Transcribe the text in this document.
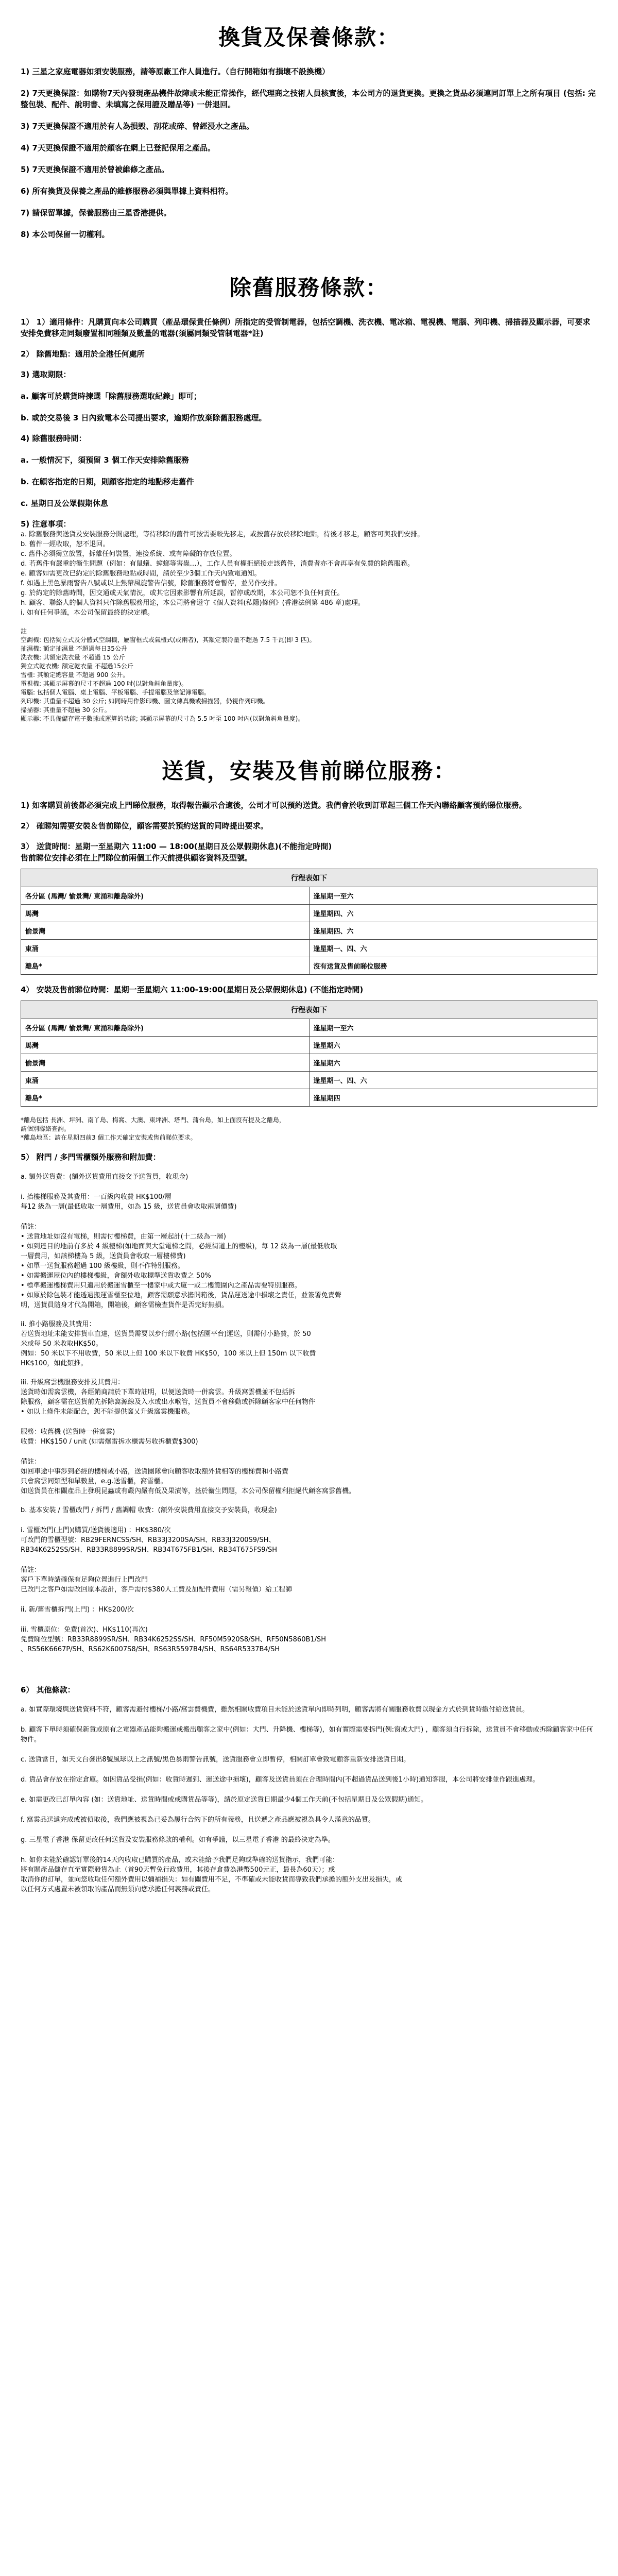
換貨及保養條款：

1) 三星之家庭電器如須安裝服務，請等原廠工作人員進行。（自行開箱如有損壞不設換機）

2) 7天更換保證：如購物7天內發現產品機件故障或未能正常操作，經代理商之技術人員核實後，本公司方的退貨更換。更換之貨品必須連同訂單上之所有項目 (包括: 完整包裝、配件、說明書、未填寫之保用證及贈品等) 一併退回。

3) 7天更換保證不適用於有人為損毁、刮花或碎、曾經浸水之產品。

4) 7天更換保證不適用於顧客在網上已登記保用之產品。

5) 7天更換保證不適用於曾被維修之產品。

6) 所有換貨及保養之產品的維修服務必須與單據上資料相符。

7) 請保留單據，保養服務由三星香港提供。

8) 本公司保留一切權利。

除舊服務條款：

1） 1）適用條件：凡購買向本公司購買（產品環保貴任條例）所指定的受管制電器，包括空調機、洗衣機、電冰箱、電視機、電腦、列印機、掃描器及顯示器，可要求安排免費移走同類廢置相同種類及數量的電器(須屬同類受管制電器*註)

2） 除舊地點：適用於全港任何處所

3) 選取期限：
a. 顧客可於購貨時揀選「除舊服務選取紀錄」即可；
b. 或於交易後 3 日內致電本公司提出要求，逾期作放棄除舊服務處理。
4) 除舊服務時間：
a. 一般情況下，須預留 3 個工作天安排除舊服務
b. 在顧客指定的日期，則顧客指定的地點移走舊件
c. 星期日及公眾假期休息
5) 注意事項：
a. 除舊服務與送貨及安裝服務分開處理，等待移除的舊件可按需要較先移走，或按舊存放於移除地點，待後才移走，顧客可與我們安排。
b. 舊件一經收取，恕不退回。
c. 舊件必須獨立放置，拆離任何裝置，連接系統、或有障礙的存放位置。
d. 若舊件有嚴重的衞生問題（例如：有鼠蟻、蟑螂等害蟲…），工作人員有權拒絕接走該舊件，消費者亦不會再享有免費的除舊服務。
e. 顧客如需更改已約定的除舊服務地點或時間，請於至少3個工作天內致電通知。
f. 如遇上黑色暴雨警告八號或以上熱帶風旋警告信號，除舊服務將會暫停，並另作安排。
g. 於約定的除舊時間，因交通或天氣情況，或其它因素影響有所延誤，暫停或改期，本公司恕不負任何責任。
h. 顧客、聯絡人的個人資料只作除舊服務用途，本公司將會遵守《個人資料(私隱)條例》(香港法例第 486 章)處理。
i. 如有任何爭議，本公司保留最終的決定權。
註
空調機: 包括獨立式及分體式空調機，屬窗框式或氣櫃式(或兩者)，其額定製冷量不超過 7.5 千瓦(即 3 匹)。
抽濕機: 額定抽濕量 不超過每日35公升
洗衣機: 其額定洗衣量 不超過 15 公斤
獨立式乾衣機: 額定乾衣量 不超過15公斤
雪櫃: 其額定總容量 不超過 900 公升。
電視機: 其顯示屏幕的尺寸不超過 100 吋(以對角斜角量度)。
電腦: 包括個人電腦、桌上電腦、平板電腦、手提電腦及筆記簿電腦。
列印機: 其重量不超過 30 公斤; 如同時用作影印機、圖文傳真機或掃描器，仍視作列印機。
掃描器: 其重量不超過 30 公斤。
顯示器: 不具備儲存電子數據或運算的功能; 其顯示屏幕的尺寸為 5.5 吋至 100 吋內(以對角斜角量度)。
送貨，安裝及售前睇位服務：

1) 如客購買前後都必須完成上門睇位服務，取得報告顯示合適後，公司才可以預約送貨。我們會於收到訂單起三個工作天內聯絡顧客預約睇位服務。

2） 確睇知需要安裝＆售前睇位，顧客需要於預約送貨的同時提出要求。

3） 送貨時間：星期一至星期六 11:00 — 18:00(星期日及公眾假期休息)(不能指定時間)

售前睇位安排必須在上門睇位前兩個工作天前提供顧客資料及型號。

行程表如下	
各分區 (馬灣/ 愉景灣/ 東涌和離島除外)	逢星期一至六
馬灣	逢星期四、六
愉景灣	逢星期四、六
東涌	逢星期一、四、六
離島*	沒有送貨及售前睇位服務

4） 安裝及售前睇位時間：星期一至星期六 11:00-19:00(星期日及公眾假期休息) (不能指定時間)

行程表如下	
各分區 (馬灣/ 愉景灣/ 東涌和離島除外)	逢星期一至六
馬灣	逢星期六
愉景灣	逢星期六
東涌	逢星期一、四、六
離島*	逢星期四
*離島包括 長洲、坪洲、南丫島、梅窩、大澳、東坪洲、塔門、蒲台島，如上面沒有提及之離島，
請個別聯絡查詢。
*離島地區：請在星期四前3 個工作天確定安裝或售前睇位要求。

5） 附門 / 多門雪櫃額外服務和附加費：

a. 額外送貨費：(額外送貨費用直接交予送貨員，收現金)
i. 抬樓梯服務及其費用：一百級內收費 HK$100/層
每12 級為一層(最低收取一層費用，如為 15 級，送貨員會收取兩層價費)
備註：
• 送貨地址如沒有電梯，則需付樓梯費，由第一層起計(十二級為一層)
• 如到達目的地前有多於 4 級樓梯(如地面與大堂電梯之間，必經街道上的樓級)，每 12 級為一層(最低收取
一層費用，如該梯樓為 5 級，送貨員會收取一層樓梯費)
• 如單一送貨服務超過 100 級樓級，則不作特別服務。
• 如需搬運屋位內的樓梯樓級，會額外收取標準送貨收費之 50%
• 標準搬運樓梯費用只適用於搬運雪櫃至一樓家中或大廈一或二樓範圍內之產品需要特別服務。
• 如原於除包裝才能透過搬運雪櫃至位地，顧客需願意承擔開箱後，貨品運送途中損壞之責任，並簽署免責聲
明，送貨員隨身才代為開箱，開箱後，顧客需檢查貨件是否完好無損。
ii. 推小路服務及其費用：
若送貨地址未能安排貨車直達，送貨員需要以步行經小路(包括園平台)運送，則需付小路費，於 50
米或每 50 米收取HK$50。
例如：50 米以下不用收費，50 米以上但 100 米以下收費 HK$50，100 米以上但 150m 以下收費
HK$100，如此類推。
iii. 升級窩雲機服務安排及其費用：
送貨時如需窩雲機，各經銷商請於下單時註明，以便送貨時一併窩雲。升級窩雲機並不包括拆
除服務，顧客需在送貨前先拆除窩源線及入水或出水喉管，送貨員不會移動或拆除顧客家中任何物件
• 如以上條件未能配合，恕不能提供窩乂升級窩雲機服務。
服務：收舊機 (送貨時一併窩雲)
收費：HK$150 / unit (如需爆雷拆水櫃需另收拆櫃費$300)
備註：
如回車途中事涉到必經的樓梯或小路，送貨團隊會向顧客收取額外貨相等的樓梯費和小路費
只會窩雲同類型和單數量，e.g.送雪櫃，窩雪櫃。
如送貨員在相關產品上發現昆蟲或有嚴內嚴有低及果漬等，基於衞生問題，本公司保留權利拒絕代顧客窩雲舊機。
b. 基本安裝 / 雪櫃改門 / 拆門 / 舊調帽 收費：(額外安裝費用直接交予安裝員，收現金)
i. 雪櫃改門(上門)(購買/送貨後適用) ：HK$380/次
可改門的雪櫃型號：RB29FERNCSS/SH、RB33J3200SA/SH、RB33J3200S9/SH、
RB34K6252SS/SH、RB33R8899SR/SH、RB34T675FB1/SH、RB34T675FS9/SH
備註：
客戶下單時請確保有足夠位置進行上門改門
已改門之客戶如需改回原本設計，客戶需付$380人工費及加配件費用（需另報價）給工程師
ii. 新/舊雪櫃拆門(上門) ：HK$200/次
iii. 雪櫃原位：免費(首次)、HK$110(再次)
免費睇位型號：RB33R8899SR/SH、RB34K6252SS/SH、RF50M5920S8/SH、RF50N5860B1/SH
、RS56K6667P/SH、RS62K6007S8/SH、RS63R5597B4/SH、RS64R5337B4/SH

6） 其他條款：

a. 如實際環境與送貨資料不符，顧客需避付樓梯/小路/窩雲費機費，雖然相關收費項目未能於送貨單內即時列明，顧客需將有關服務收費以現金方式於到貨時繳付給送貨員。
b. 顧客下單時須確保新貨或原有之電器產品能夠搬運或搬出顧客之家中(例如：大門、升降機、樓梯等)，如有實際需要拆門(例:窗或大門) ，顧客須自行拆除，送貨員不會移動或拆除顧客家中任何物件。
c. 送貨當日，如天文台發出8號風球以上之訊號/黑色暴雨警告訊號，送貨服務會立即暫停，相關訂單會致電顧客重新安排送貨日期。
d. 貨品會存放在指定倉庫。如因貨品受損(例如：收貨時遲到、運送途中損壞)，顧客及送貨員須在合理時間內(不超過貨品送到後1小時)通知客服，本公司將安排並作跟進處理。
e. 如需更改已訂單內容 (如：送貨地址、送貨時間或或購貨品等等)，請於原定送貨日期最少4個工作天前(不包括星期日及公眾假期)通知。
f. 窩雲品送遞完成或被偵取後，我們應被視為已妥為履行合約下的所有義務，且送遞之產品應被視為具令人滿意的品質。
g. 三星電子香港 保留更改任何送貨及安裝服務條款的權利。如有爭議，以三星電子香港 的最終決定為準。
h. 如你未能於確認訂單後的14天內收取已購買的產品，或未能給予我們足夠或準確的送貨指示，我們可能：
將有關產品儲存直至實際發貨為止（首90天暫免行政費用，其後存倉費為港幣500元正，最長為60天）；或
取消你的訂單，並向您收取任何額外費用以彌補損失：如有關費用不足，不準確或未能收貨而導致我們承擔的額外支出及損失，或
以任何方式處置未被領取的產品而無須向您承擔任何義務或責任。
